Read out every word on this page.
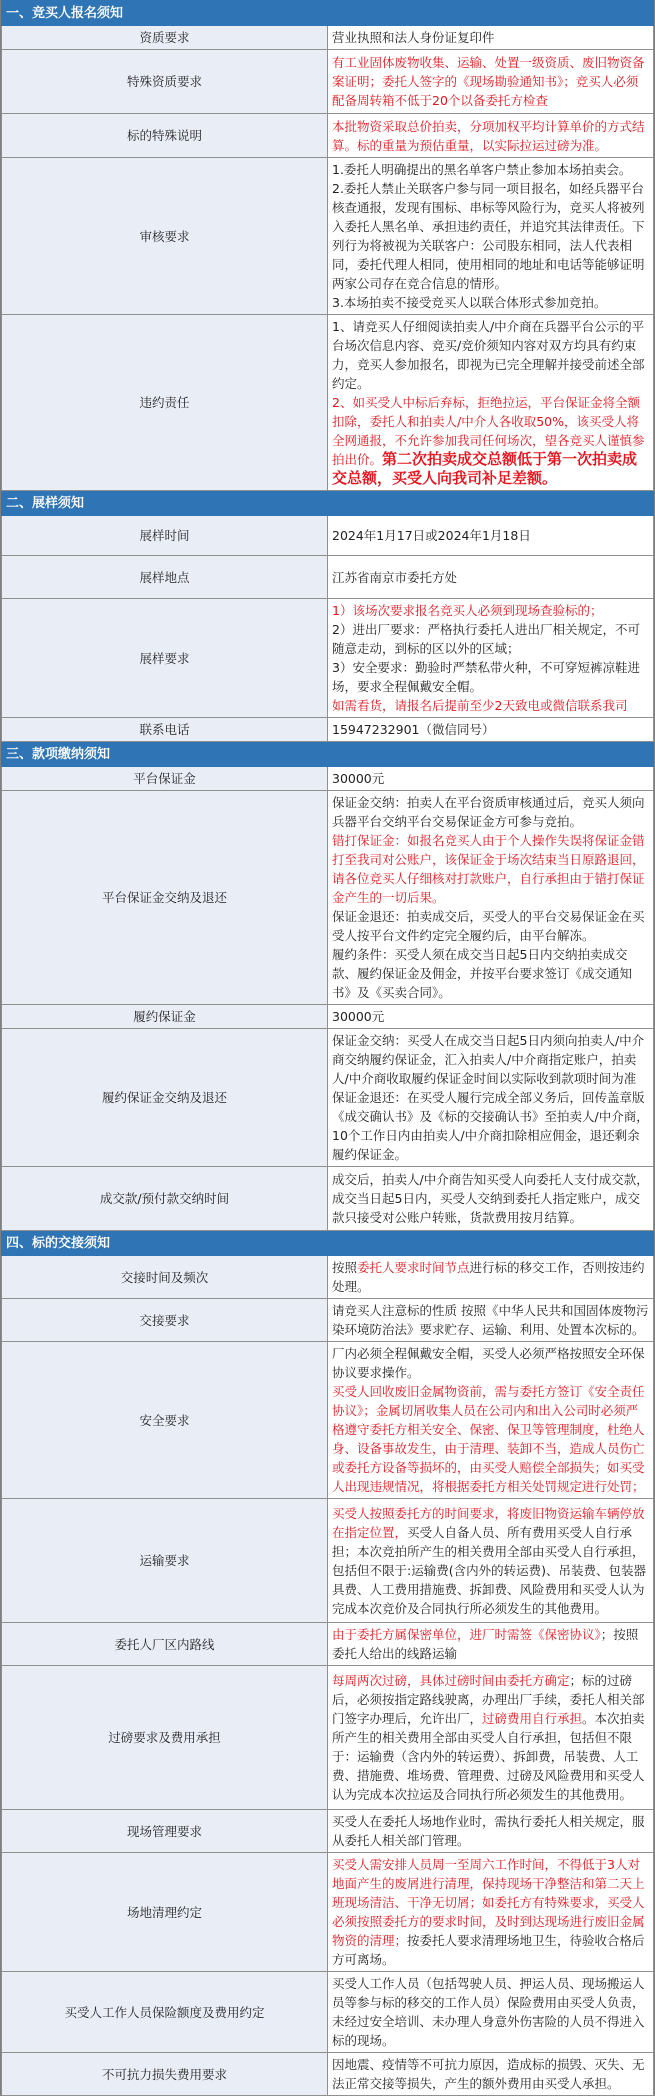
一、竞买人报名须知	
资质要求	营业执照和法人身份证复印件
特殊资质要求	有工业固体废物收集、运输、处置一级资质、废旧物资备案证明；委托人签字的《现场勘验通知书》；竞买人必须配备周转箱不低于20个以备委托方检查
标的特殊说明	本批物资采取总价拍卖，分项加权平均计算单价的方式结算。标的重量为预估重量，以实际拉运过磅为准。
审核要求	1.委托人明确提出的黑名单客户禁止参加本场拍卖会。

2.委托人禁止关联客户参与同一项目报名，如经兵器平台核查通报，发现有围标、串标等风险行为，竞买人将被列入委托人黑名单、承担违约责任，并追究其法律责任。下列行为将被视为关联客户：公司股东相同，法人代表相同，委托代理人相同，使用相同的地址和电话等能够证明两家公司存在竞合信息的情形。

3.本场拍卖不接受竞买人以联合体形式参加竞拍。

违约责任	1、请竞买人仔细阅读拍卖人/中介商在兵器平台公示的平台场次信息内容、竞买/竞价须知内容对双方均具有约束力，竞买人参加报名，即视为已完全理解并接受前述全部约定。

2、如买受人中标后弃标，拒绝拉运，平台保证金将全额扣除，委托人和拍卖人/中介人各收取50%，该买受人将全网通报，不允许参加我司任何场次，望各竞买人谨慎参拍出价。第二次拍卖成交总额低于第一次拍卖成交总额，买受人向我司补足差额。

二、展样须知	
展样时间	2024年1月17日或2024年1月18日
展样地点	江苏省南京市委托方处
展样要求	1）该场次要求报名竞买人必须到现场查验标的；

2）进出厂要求：严格执行委托人进出厂相关规定，不可随意走动，到标的区以外的区域；

3）安全要求：勤验时严禁私带火种，不可穿短裤凉鞋进场，要求全程佩戴安全帽。

如需看货，请报名后提前至少2天致电或微信联系我司

联系电话	15947232901（微信同号）
三、款项缴纳须知	
平台保证金	30000元
平台保证金交纳及退还	保证金交纳：拍卖人在平台资质审核通过后，竞买人须向兵器平台交纳平台交易保证金方可参与竞拍。

错打保证金：如报名竞买人由于个人操作失误将保证金错打至我司对公账户，该保证金于场次结束当日原路退回，请各位竞买人仔细核对打款账户，自行承担由于错打保证金产生的一切后果。

保证金退还：拍卖成交后，买受人的平台交易保证金在买受人按平台文件约定完全履约后，由平台解冻。

履约条件：买受人须在成交当日起5日内交纳拍卖成交款、履约保证金及佣金，并按平台要求签订《成交通知书》及《买卖合同》。

履约保证金	30000元
履约保证金交纳及退还	保证金交纳：买受人在成交当日起5日内须向拍卖人/中介商交纳履约保证金，汇入拍卖人/中介商指定账户，拍卖人/中介商收取履约保证金时间以实际收到款项时间为准

保证金退还：在买受人履行完成全部义务后，回传盖章版《成交确认书》及《标的交接确认书》至拍卖人/中介商，10个工作日内由拍卖人/中介商扣除相应佣金，退还剩余履约保证金。

成交款/预付款交纳时间	成交后，拍卖人/中介商告知买受人向委托人支付成交款，成交当日起5日内，买受人交纳到委托人指定账户，成交款只接受对公账户转账，货款费用按月结算。
四、标的交接须知	
交接时间及频次	按照委托人要求时间节点进行标的移交工作，否则按违约处理。
交接要求	请竞买人注意标的性质 按照《中华人民共和国固体废物污染环境防治法》要求贮存、运输、利用、处置本次标的。
安全要求	厂内必须全程佩戴安全帽，买受人必须严格按照安全环保协议要求操作。

买受人回收废旧金属物资前，需与委托方签订《安全责任协议》；金属切屑收集人员在公司内和出入公司时必须严格遵守委托方相关安全、保密、保卫等管理制度，杜绝人身、设备事故发生，由于清理、装卸不当，造成人员伤亡或委托方设备等损坏的，由买受人赔偿全部损失；如买受人出现违规情况，将根据委托方相关处罚规定进行处罚；

运输要求	买受人按照委托方的时间要求，将废旧物资运输车辆停放在指定位置，买受人自备人员、所有费用买受人自行承担；本次竞拍所产生的相关费用全部由买受人自行承担，包括但不限于:运输费(含内外的转运费)、吊装费、包装器具费、人工费用措施费、拆卸费、风险费用和买受人认为完成本次竞价及合同执行所必须发生的其他费用。
委托人厂区内路线	由于委托方属保密单位，进厂时需签《保密协议》；按照委托人给出的线路运输
过磅要求及费用承担	每周两次过磅，具体过磅时间由委托方确定；标的过磅后，必须按指定路线驶离，办理出厂手续，委托人相关部门签字办理后，允许出厂，过磅费用自行承担。本次拍卖所产生的相关费用全部由买受人自行承担，包括但不限于：运输费（含内外的转运费）、拆卸费，吊装费、人工费、措施费、堆场费、管理费、过磅及风险费用和买受人认为完成本次拉运及合同执行所必须发生的其他费用。
现场管理要求	买受人在委托人场地作业时，需执行委托人相关规定，服从委托人相关部门管理。
场地清理约定	买受人需安排人员周一至周六工作时间，不得低于3人对地面产生的废屑进行清理，保持现场干净整洁和第二天上班现场清洁、干净无切屑；如委托方有特殊要求，买受人必须按照委托方的要求时间，及时到达现场进行废旧金属物资的清理；按委托人要求清理场地卫生，待验收合格后方可离场。
买受人工作人员保险额度及费用约定	买受人工作人员（包括驾驶人员、押运人员、现场搬运人员等参与标的移交的工作人员）保险费用由买受人负责，未经过安全培训、未办理人身意外伤害险的人员不得进入标的现场。
不可抗力损失费用要求	因地震、疫情等不可抗力原因，造成标的损毁、灭失、无法正常交接等损失，产生的额外费用由买受人承担。
